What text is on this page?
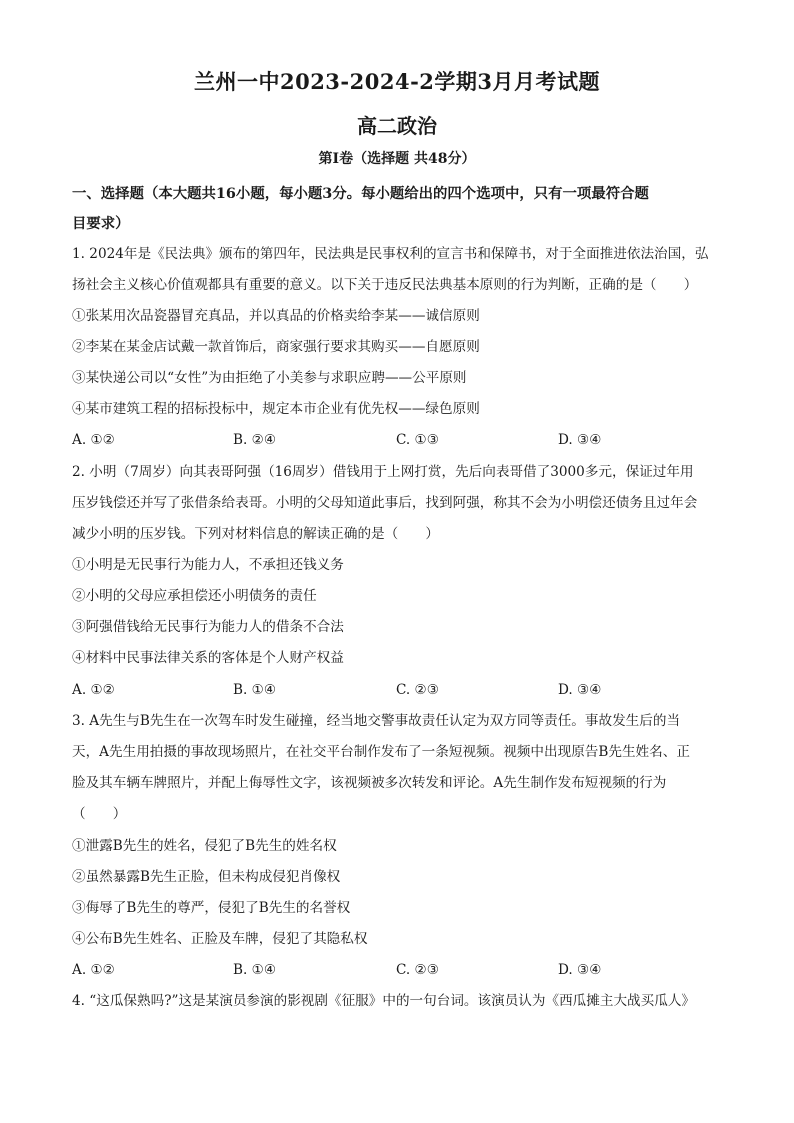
兰州一中2023-2024-2学期3月月考试题
高二政治
第Ⅰ卷（选择题 共48分）
一、选择题（本大题共16小题，每小题3分。每小题给出的四个选项中，只有一项最符合题
目要求）
1. 2024年是《民法典》颁布的第四年，民法典是民事权利的宣言书和保障书，对于全面推进依法治国，弘
扬社会主义核心价值观都具有重要的意义。以下关于违反民法典基本原则的行为判断，正确的是（　　）
①张某用次品瓷器冒充真品，并以真品的价格卖给李某——诚信原则
②李某在某金店试戴一款首饰后，商家强行要求其购买——自愿原则
③某快递公司以“女性”为由拒绝了小美参与求职应聘——公平原则
④某市建筑工程的招标投标中，规定本市企业有优先权——绿色原则
A. ①②	B. ②④	C. ①③	D. ③④
2. 小明（7周岁）向其表哥阿强（16周岁）借钱用于上网打赏，先后向表哥借了3000多元，保证过年用
压岁钱偿还并写了张借条给表哥。小明的父母知道此事后，找到阿强，称其不会为小明偿还债务且过年会
减少小明的压岁钱。下列对材料信息的解读正确的是（　　）
①小明是无民事行为能力人，不承担还钱义务
②小明的父母应承担偿还小明债务的责任
③阿强借钱给无民事行为能力人的借条不合法
④材料中民事法律关系的客体是个人财产权益
A. ①②	B. ①④	C. ②③	D. ③④
3. A先生与B先生在一次驾车时发生碰撞，经当地交警事故责任认定为双方同等责任。事故发生后的当
天，A先生用拍摄的事故现场照片，在社交平台制作发布了一条短视频。视频中出现原告B先生姓名、正
脸及其车辆车牌照片，并配上侮辱性文字，该视频被多次转发和评论。A先生制作发布短视频的行为
（　　）
①泄露B先生的姓名，侵犯了B先生的姓名权
②虽然暴露B先生正脸，但未构成侵犯肖像权
③侮辱了B先生的尊严，侵犯了B先生的名誉权
④公布B先生姓名、正脸及车牌，侵犯了其隐私权
A. ①②	B. ①④	C. ②③	D. ③④
4. “这瓜保熟吗?”这是某演员参演的影视剧《征服》中的一句台词。该演员认为《西瓜摊主大战买瓜人》
